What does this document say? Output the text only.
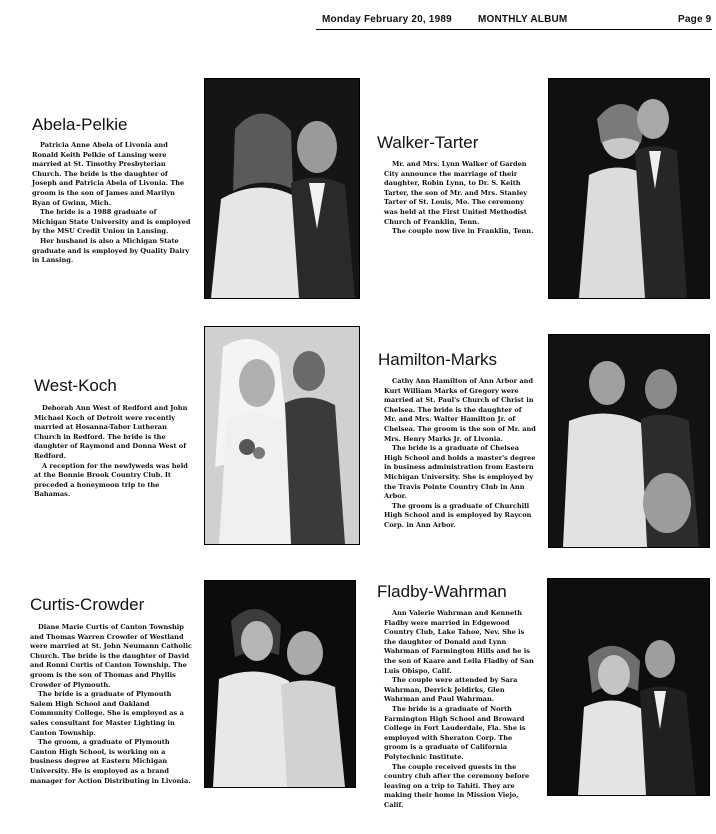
Monday February 20, 1989	MONTHLY ALBUM	Page 9
Abela-Pelkie

Patricia Anne Abela of Livonia and Ronald Keith Pelkie of Lansing were married at St. Timothy Presbyterian Church. The bride is the daughter of Joseph and Patricia Abela of Livonia. The groom is the son of James and Marilyn Ryan of Gwinn, Mich.

The bride is a 1988 graduate of Michigan State University and is employed by the MSU Credit Union in Lansing.

Her husband is also a Michigan State graduate and is employed by Quality Dairy in Lansing.

Walker-Tarter

Mr. and Mrs. Lynn Walker of Garden City announce the marriage of their daughter, Robin Lynn, to Dr. S. Keith Tarter, the son of Mr. and Mrs. Stanley Tarter of St. Louis, Mo. The ceremony was held at the First United Methodist Church of Franklin, Tenn.

The couple now live in Franklin, Tenn.

West-Koch

Deborah Ann West of Redford and John Michael Koch of Detroit were recently married at Hosanna-Tabor Lutheran Church in Redford. The bride is the daughter of Raymond and Donna West of Redford.

A reception for the newlyweds was held at the Bonnie Brook Country Club. It preceded a honeymoon trip to the Bahamas.

Hamilton-Marks

Cathy Ann Hamilton of Ann Arbor and Kurt William Marks of Gregory were married at St. Paul's Church of Christ in Chelsea. The bride is the daughter of Mr. and Mrs. Walter Hamilton Jr. of Chelsea. The groom is the son of Mr. and Mrs. Henry Marks Jr. of Livonia.

The bride is a graduate of Chelsea High School and holds a master's degree in business administration from Eastern Michigan University. She is employed by the Travis Pointe Country Club in Ann Arbor.

The groom is a graduate of Churchill High School and is employed by Raycon Corp. in Ann Arbor.

Curtis-Crowder

Diane Marie Curtis of Canton Township and Thomas Warren Crowder of Westland were married at St. John Neumann Catholic Church. The bride is the daughter of David and Ronni Curtis of Canton Township. The groom is the son of Thomas and Phyllis Crowder of Plymouth.

The bride is a graduate of Plymouth Salem High School and Oakland Community College. She is employed as a sales consultant for Master Lighting in Canton Township.

The groom, a graduate of Plymouth Canton High School, is working on a business degree at Eastern Michigan University. He is employed as a brand manager for Action Distributing in Livonia.

Fladby-Wahrman

Ann Valerie Wahrman and Kenneth Fladby were married in Edgewood Country Club, Lake Tahoe, Nev. She is the daughter of Donald and Lynn Wahrman of Farmington Hills and he is the son of Kaare and Leila Fladby of San Luis Obispo, Calif.

The couple were attended by Sara Wahrman, Derrick Jeldirks, Glen Wahrman and Paul Wahrman.

The bride is a graduate of North Farmington High School and Broward College in Fort Lauderdale, Fla. She is employed with Sheraton Corp. The groom is a graduate of California Polytechnic Institute.

The couple received guests in the country club after the ceremony before leaving on a trip to Tahiti. They are making their home in Mission Viejo, Calif.
